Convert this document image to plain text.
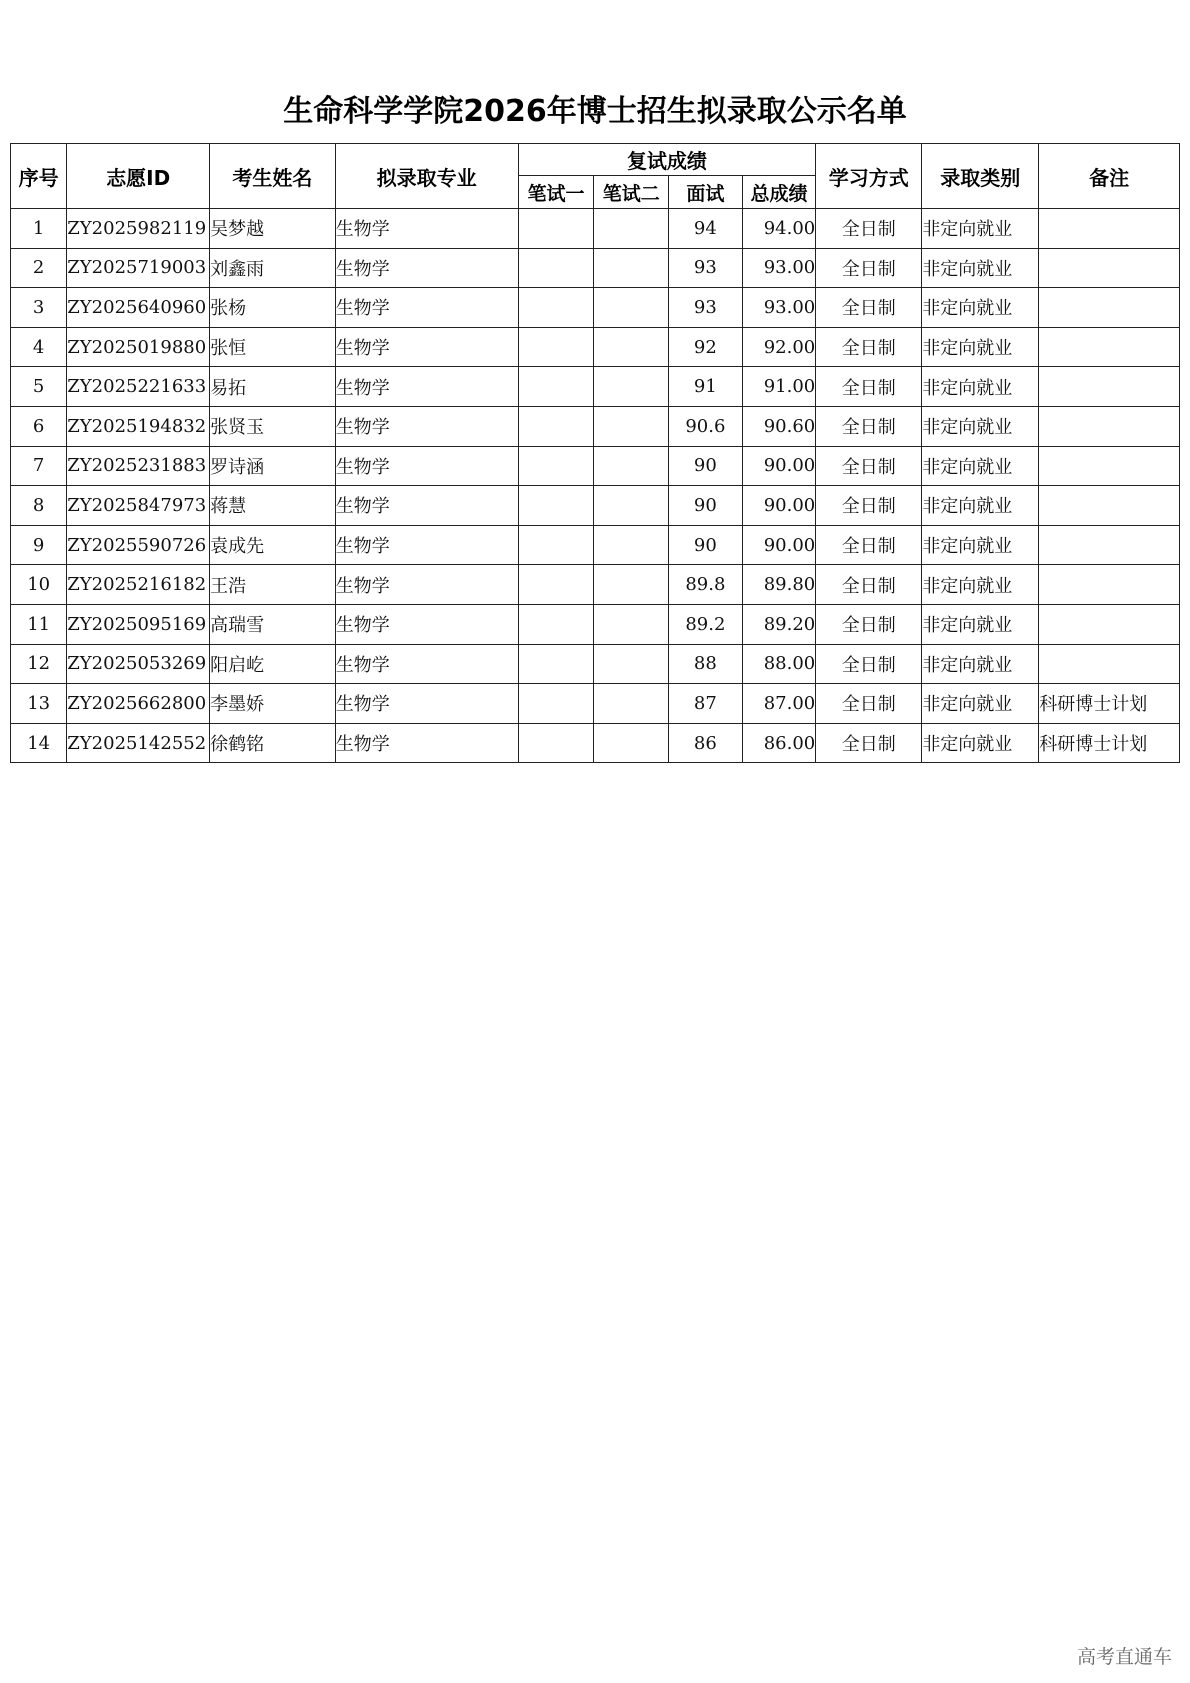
生命科学学院2026年博士招生拟录取公示名单
序号	志愿ID	考生姓名	拟录取专业	复试成绩				学习方式	录取类别	备注
				笔试一	笔试二	面试	总成绩			
1	ZY2025982119	吴梦越	生物学			94	94.00	全日制	非定向就业	
2	ZY2025719003	刘鑫雨	生物学			93	93.00	全日制	非定向就业	
3	ZY2025640960	张杨	生物学			93	93.00	全日制	非定向就业	
4	ZY2025019880	张恒	生物学			92	92.00	全日制	非定向就业	
5	ZY2025221633	易拓	生物学			91	91.00	全日制	非定向就业	
6	ZY2025194832	张贤玉	生物学			90.6	90.60	全日制	非定向就业	
7	ZY2025231883	罗诗涵	生物学			90	90.00	全日制	非定向就业	
8	ZY2025847973	蒋慧	生物学			90	90.00	全日制	非定向就业	
9	ZY2025590726	袁成先	生物学			90	90.00	全日制	非定向就业	
10	ZY2025216182	王浩	生物学			89.8	89.80	全日制	非定向就业	
11	ZY2025095169	高瑞雪	生物学			89.2	89.20	全日制	非定向就业	
12	ZY2025053269	阳启屹	生物学			88	88.00	全日制	非定向就业	
13	ZY2025662800	李墨娇	生物学			87	87.00	全日制	非定向就业	科研博士计划
14	ZY2025142552	徐鹤铭	生物学			86	86.00	全日制	非定向就业	科研博士计划
高考直通车
